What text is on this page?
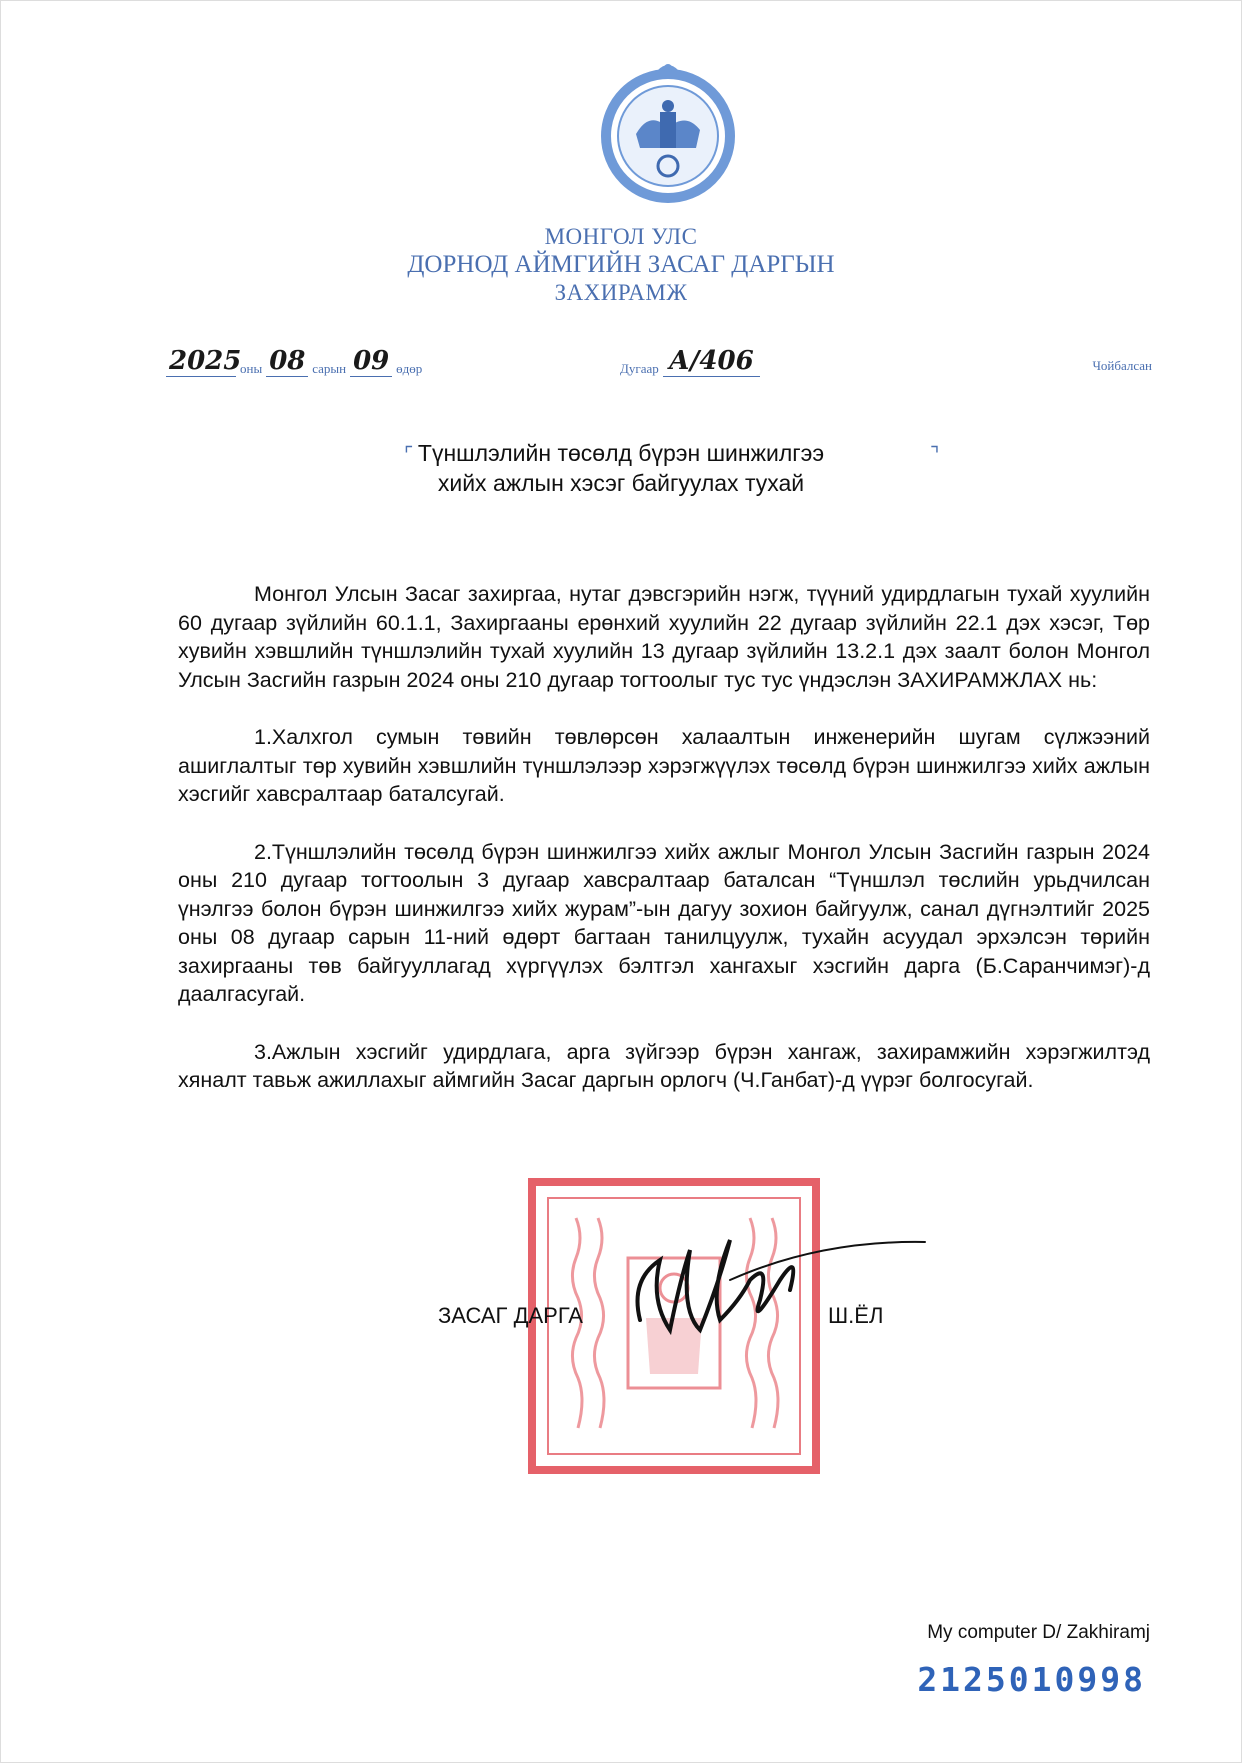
МОНГОЛ УЛС
ДОРНОД АЙМГИЙН ЗАСАГ ДАРГЫН
ЗАХИРАМЖ
2025
оны 08 сарын 09 өдөр	Дугаар А/406	Чойбалсан
⌜	⌝
Түншлэлийн төсөлд бүрэн шинжилгээ
хийх ажлын хэсэг байгуулах тухай

Монгол Улсын Засаг захиргаа, нутаг дэвсгэрийн нэгж, түүний удирдлагын тухай хуулийн 60 дугаар зүйлийн 60.1.1, Захиргааны ерөнхий хуулийн 22 дугаар зүйлийн 22.1 дэх хэсэг, Төр хувийн хэвшлийн түншлэлийн тухай хуулийн 13 дугаар зүйлийн 13.2.1 дэх заалт болон Монгол Улсын Засгийн газрын 2024 оны 210 дугаар тогтоолыг тус тус үндэслэн ЗАХИРАМЖЛАХ нь:

1.Халхгол сумын төвийн төвлөрсөн халаалтын инженерийн шугам сүлжээний ашиглалтыг төр хувийн хэвшлийн түншлэлээр хэрэгжүүлэх төсөлд бүрэн шинжилгээ хийх ажлын хэсгийг хавсралтаар баталсугай.

2.Түншлэлийн төсөлд бүрэн шинжилгээ хийх ажлыг Монгол Улсын Засгийн газрын 2024 оны 210 дугаар тогтоолын 3 дугаар хавсралтаар баталсан “Түншлэл төслийн урьдчилсан үнэлгээ болон бүрэн шинжилгээ хийх журам”-ын дагуу зохион байгуулж, санал дүгнэлтийг 2025 оны 08 дугаар сарын 11-ний өдөрт багтаан танилцуулж, тухайн асуудал эрхэлсэн төрийн захиргааны төв байгууллагад хүргүүлэх бэлтгэл хангахыг хэсгийн дарга (Б.Саранчимэг)-д даалгасугай.

3.Ажлын хэсгийг удирдлага, арга зүйгээр бүрэн хангаж, захирамжийн хэрэгжилтэд хяналт тавьж ажиллахыг аймгийн Засаг даргын орлогч (Ч.Ганбат)-д үүрэг болгосугай.

ЗАСАГ ДАРГА	Ш.ЁЛ
My computer D/ Zakhiramj
2125010998
